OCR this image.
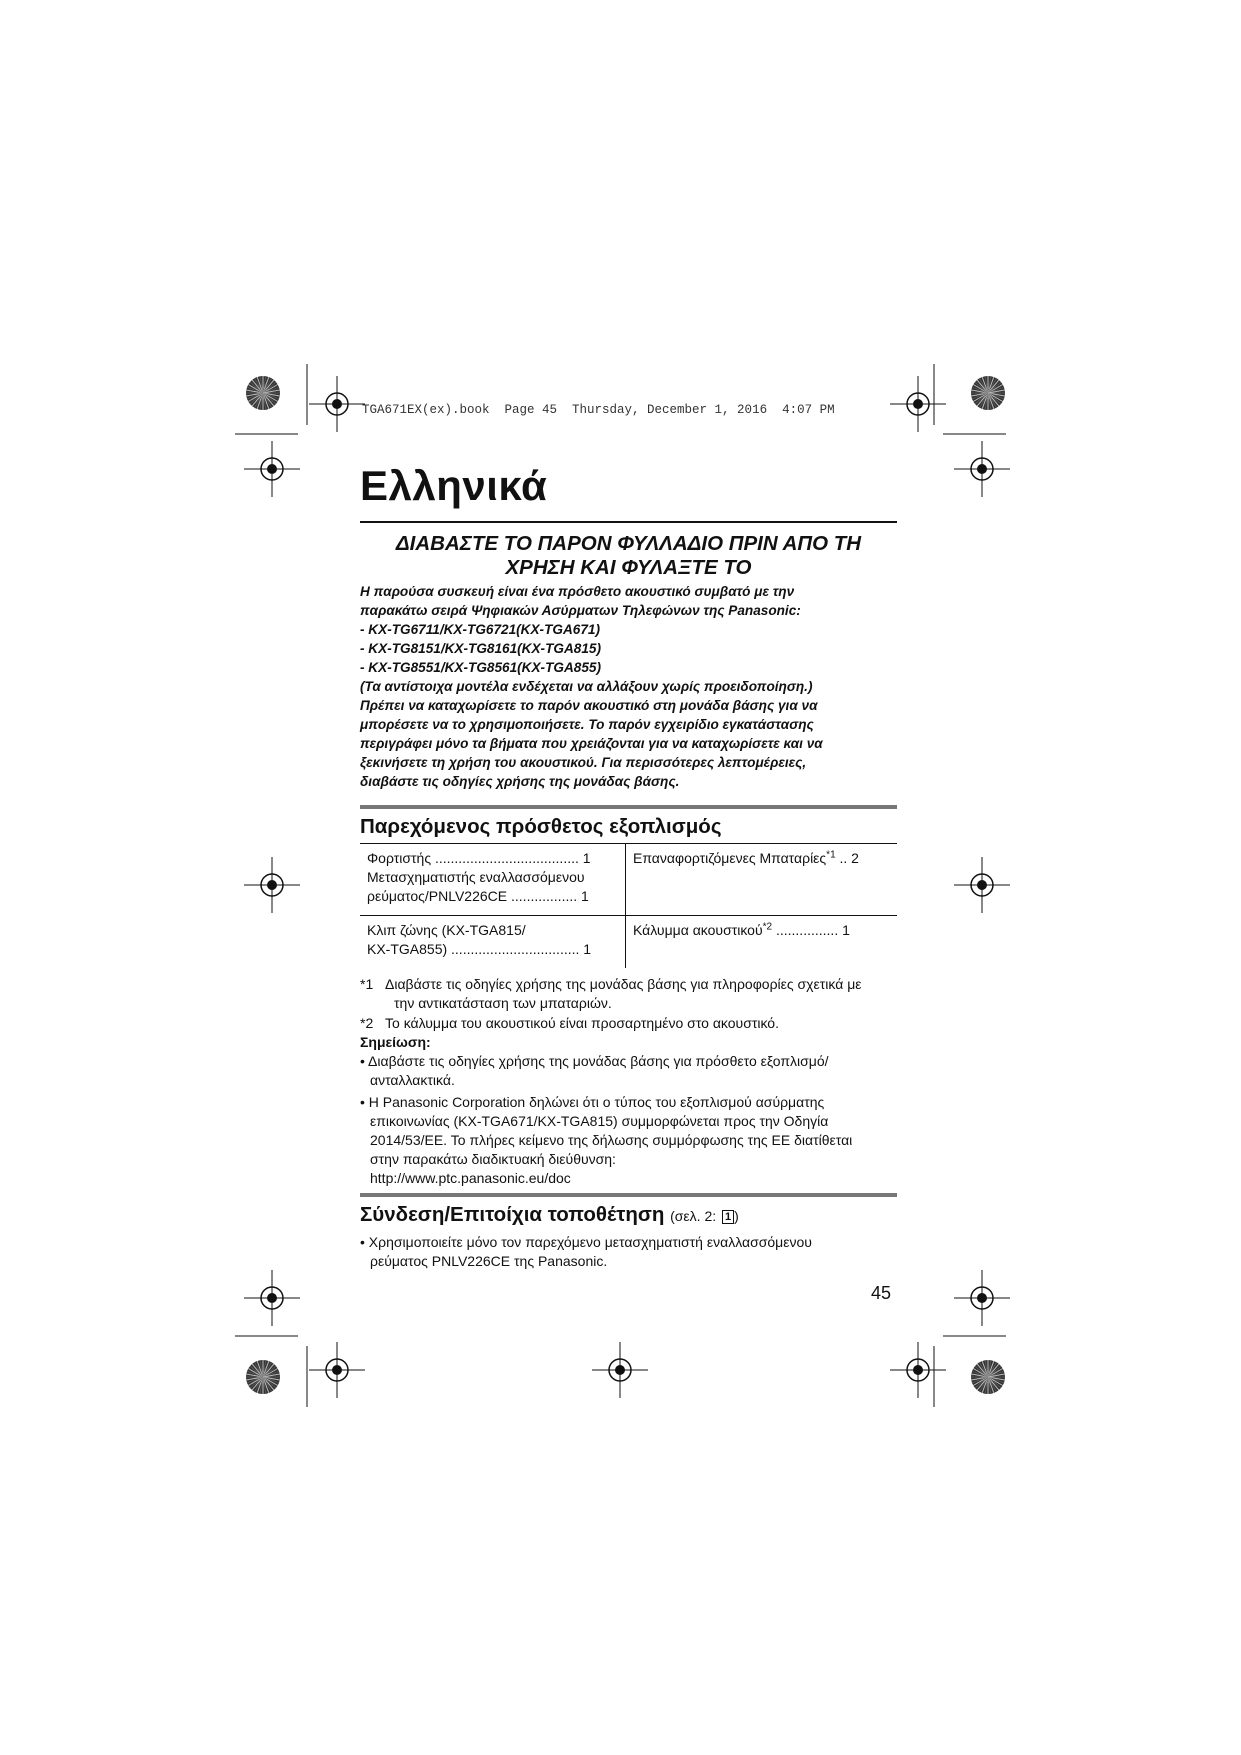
TGA671EX(ex).book  Page 45  Thursday, December 1, 2016  4:07 PM
Ελληνικά
ΔΙΑΒΑΣΤΕ ΤΟ ΠΑΡΟΝ ΦΥΛΛΑΔΙΟ ΠΡΙΝ ΑΠΟ ΤΗ
ΧΡΗΣΗ ΚΑΙ ΦΥΛΑΞΤΕ ΤΟ
Η παρούσα συσκευή είναι ένα πρόσθετο ακουστικό συμβατό με την
παρακάτω σειρά Ψηφιακών Ασύρματων Τηλεφώνων της Panasonic:
- KX-TG6711/KX-TG6721(KX-TGA671)
- KX-TG8151/KX-TG8161(KX-TGA815)
- KX-TG8551/KX-TG8561(KX-TGA855)
(Τα αντίστοιχα μοντέλα ενδέχεται να αλλάξουν χωρίς προειδοποίηση.)
Πρέπει να καταχωρίσετε το παρόν ακουστικό στη μονάδα βάσης για να
μπορέσετε να το χρησιμοποιήσετε. Το παρόν εγχειρίδιο εγκατάστασης
περιγράφει μόνο τα βήματα που χρειάζονται για να καταχωρίσετε και να
ξεκινήσετε τη χρήση του ακουστικού. Για περισσότερες λεπτομέρειες,
διαβάστε τις οδηγίες χρήσης της μονάδας βάσης.
Παρεχόμενος πρόσθετος εξοπλισμός
Φορτιστής ..................................... 1
Μετασχηματιστής εναλλασσόμενου
ρεύματος/PNLV226CE ................. 1
Επαναφορτιζόμενες Μπαταρίες$^{*1}$ .. 2
Κλιπ ζώνης (KX-TGA815/
KX-TGA855) ................................. 1
Κάλυμμα ακουστικού$^{*2}$ ................ 1
*1 Διαβάστε τις οδηγίες χρήσης της μονάδας βάσης για πληροφορίες σχετικά με
την αντικατάσταση των μπαταριών.
*2 Το κάλυμμα του ακουστικού είναι προσαρτημένο στο ακουστικό.
Σημείωση:
• Διαβάστε τις οδηγίες χρήσης της μονάδας βάσης για πρόσθετο εξοπλισμό/
ανταλλακτικά.
• Η Panasonic Corporation δηλώνει ότι ο τύπος του εξοπλισμού ασύρματης
επικοινωνίας (KX-TGA671/KX-TGA815) συμμορφώνεται προς την Οδηγία
2014/53/ΕΕ. Το πλήρες κείμενο της δήλωσης συμμόρφωσης της ΕΕ διατίθεται
στην παρακάτω διαδικτυακή διεύθυνση:
http://www.ptc.panasonic.eu/doc
Σύνδεση/Επιτοίχια τοποθέτηση (σελ. 2: 1 )
• Χρησιμοποιείτε μόνο τον παρεχόμενο μετασχηματιστή εναλλασσόμενου
ρεύματος PNLV226CE της Panasonic.
45
